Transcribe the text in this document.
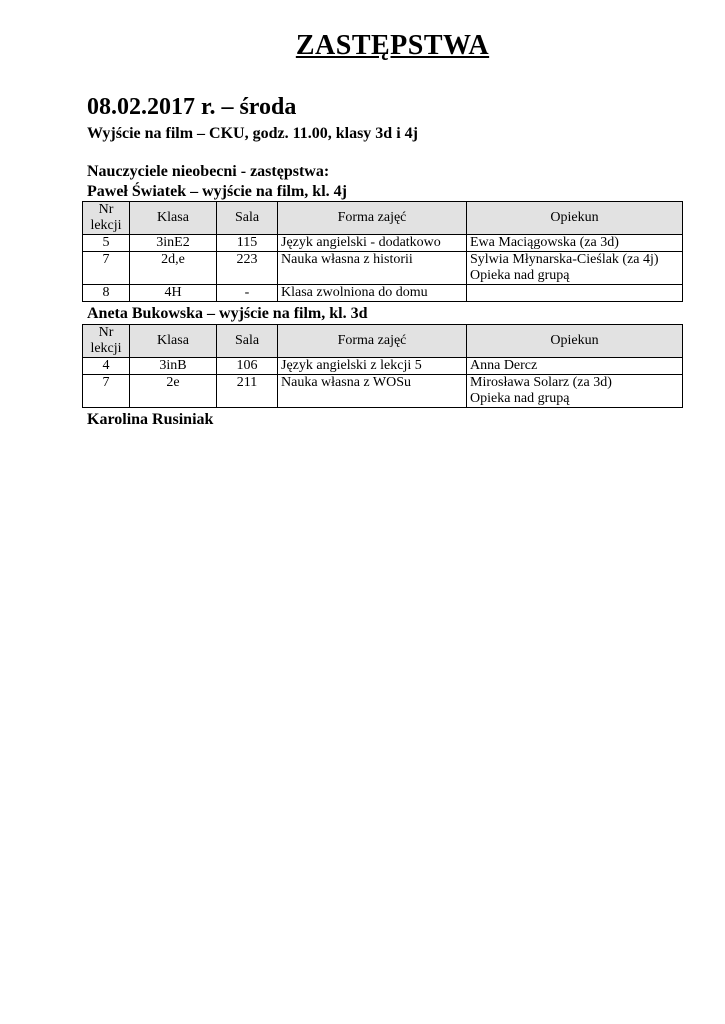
ZASTĘPSTWA
08.02.2017 r. – środa
Wyjście na film – CKU, godz. 11.00, klasy 3d i 4j
Nauczyciele nieobecni - zastępstwa:
Paweł Światek – wyjście na film, kl. 4j
Nr
lekcji	Klasa	Sala	Forma zajęć	Opiekun
5	3inE2	115	Język angielski - dodatkowo	Ewa Maciągowska (za 3d)

7	2d,e	223	Nauka własna z historii	Sylwia Młynarska-Cieślak (za 4j)
Opieka nad grupą

8	4H	-	Klasa zwolniona do domu	
Aneta Bukowska – wyjście na film, kl. 3d
Nr
lekcji	Klasa	Sala	Forma zajęć	Opiekun
4	3inB	106	Język angielski z lekcji 5	Anna Dercz

7	2e	211	Nauka własna z WOSu	Mirosława Solarz (za 3d)
Opieka nad grupą
Karolina Rusiniak
